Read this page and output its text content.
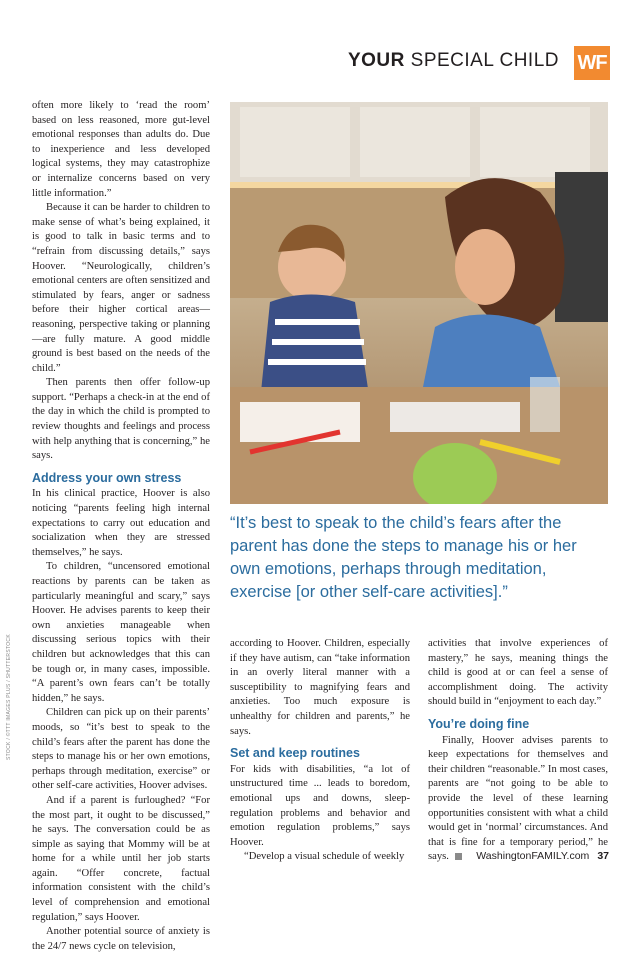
YOUR SPECIAL CHILD WF

often more likely to ‘read the room’ based on less reasoned, more gut-level emotional responses than adults do. Due to inexperience and less developed logical systems, they may catastrophize or internalize concerns based on very little information.”

Because it can be harder to children to make sense of what’s being explained, it is good to talk in basic terms and to “refrain from discussing details,” says Hoover. “Neurologically, children’s emotional centers are often sensitized and stimulated by fears, anger or sadness before their higher cortical areas—reasoning, perspective taking or planning—are fully mature. A good middle ground is best based on the needs of the child.”

Then parents then offer follow-up support. “Perhaps a check-in at the end of the day in which the child is prompted to review thoughts and feelings and process with help anything that is concerning,” he says.

Address your own stress

In his clinical practice, Hoover is also noticing “parents feeling high internal expectations to carry out education and socialization when they are stressed themselves,” he says.

To children, “uncensored emotional reactions by parents can be taken as particularly meaningful and scary,” says Hoover. He advises parents to keep their own anxieties manageable when discussing serious topics with their children but acknowledges that this can be tough or, in many cases, impossible. “A parent’s own fears can’t be totally hidden,” he says.

Children can pick up on their parents’ moods, so “it’s best to speak to the child’s fears after the parent has done the steps to manage his or her own emotions, perhaps through meditation, exercise” or other self-care activities, Hoover advises.

And if a parent is furloughed? “For the most part, it ought to be discussed,” he says. The conversation could be as simple as saying that Mommy will be at home for a while until her job starts again. “Offer concrete, factual information consistent with the child’s level of comprehension and emotional regulation,” says Hoover.

Another potential source of anxiety is the 24/7 news cycle on television,

“It’s best to speak to the child’s fears after the parent has done the steps to manage his or her own emotions, perhaps through meditation, exercise [or other self-care activities].”

according to Hoover. Children, especially if they have autism, can “take information in an overly literal manner with a susceptibility to magnifying fears and anxieties. Too much exposure is unhealthy for children and parents,” he says.

Set and keep routines

For kids with disabilities, “a lot of unstructured time ... leads to boredom, emotional ups and downs, sleep-regulation problems and behavior and emotion regulation problems,” says Hoover.

“Develop a visual schedule of weekly

activities that involve experiences of mastery,” he says, meaning things the child is good at or can feel a sense of accomplishment doing. The activity should build in “enjoyment to each day.”

You’re doing fine

Finally, Hoover advises parents to keep expectations for themselves and their children “reasonable.” In most cases, parents are “not going to be able to provide the level of these learning opportunities consistent with what a child would get in ‘normal’ circumstances. And that is fine for a temporary period,” he says.

STOCK / ©TTT IMAGES PLUS / SHUTTERSTOCK
WashingtonFAMILY.com 37
